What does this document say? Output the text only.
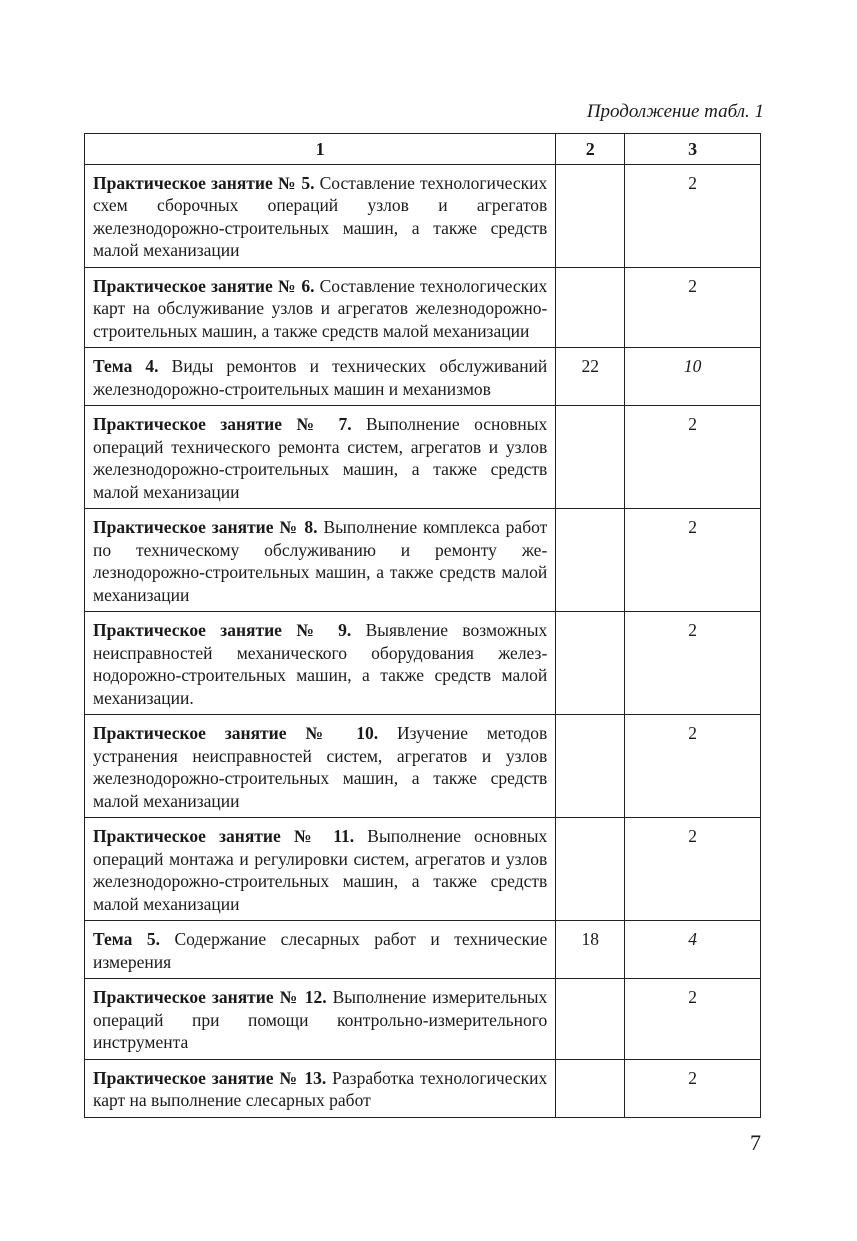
Продолжение табл. 1
1	2	3
Практическое занятие № 5. Составление технологических схем сборочных операций узлов и агрегатов железнодорожно-строительных машин, а также средств малой механизации		2
Практическое занятие № 6. Составление технологических карт на обслуживание узлов и агрегатов железнодорожно-строительных машин, а также средств малой механизации		2
Тема 4. Виды ремонтов и технических обслуживаний железнодорожно-строительных машин и механизмов	22	10
Практическое занятие № 7. Выполнение основных операций технического ремонта систем, агрегатов и узлов железнодорожно-строительных машин, а также средств малой механизации		2
Практическое занятие № 8. Выполнение комплекса работ по техническому обслуживанию и ремонту железнодорожно-строительных машин, а также средств малой механизации		2
Практическое занятие № 9. Выявление возможных неисправностей механического оборудования железнодорожно-строительных машин, а также средств малой механизации.		2
Практическое занятие № 10. Изучение методов устранения неисправностей систем, агрегатов и узлов железнодорожно-строительных машин, а также средств малой механизации		2
Практическое занятие № 11. Выполнение основных операций монтажа и регулировки систем, агрегатов и узлов железнодорожно-строительных машин, а также средств малой механизации		2
Тема 5. Содержание слесарных работ и технические измерения	18	4
Практическое занятие № 12. Выполнение измерительных операций при помощи контрольно-измерительного инструмента		2
Практическое занятие № 13. Разработка технологических карт на выполнение слесарных работ		2
7
